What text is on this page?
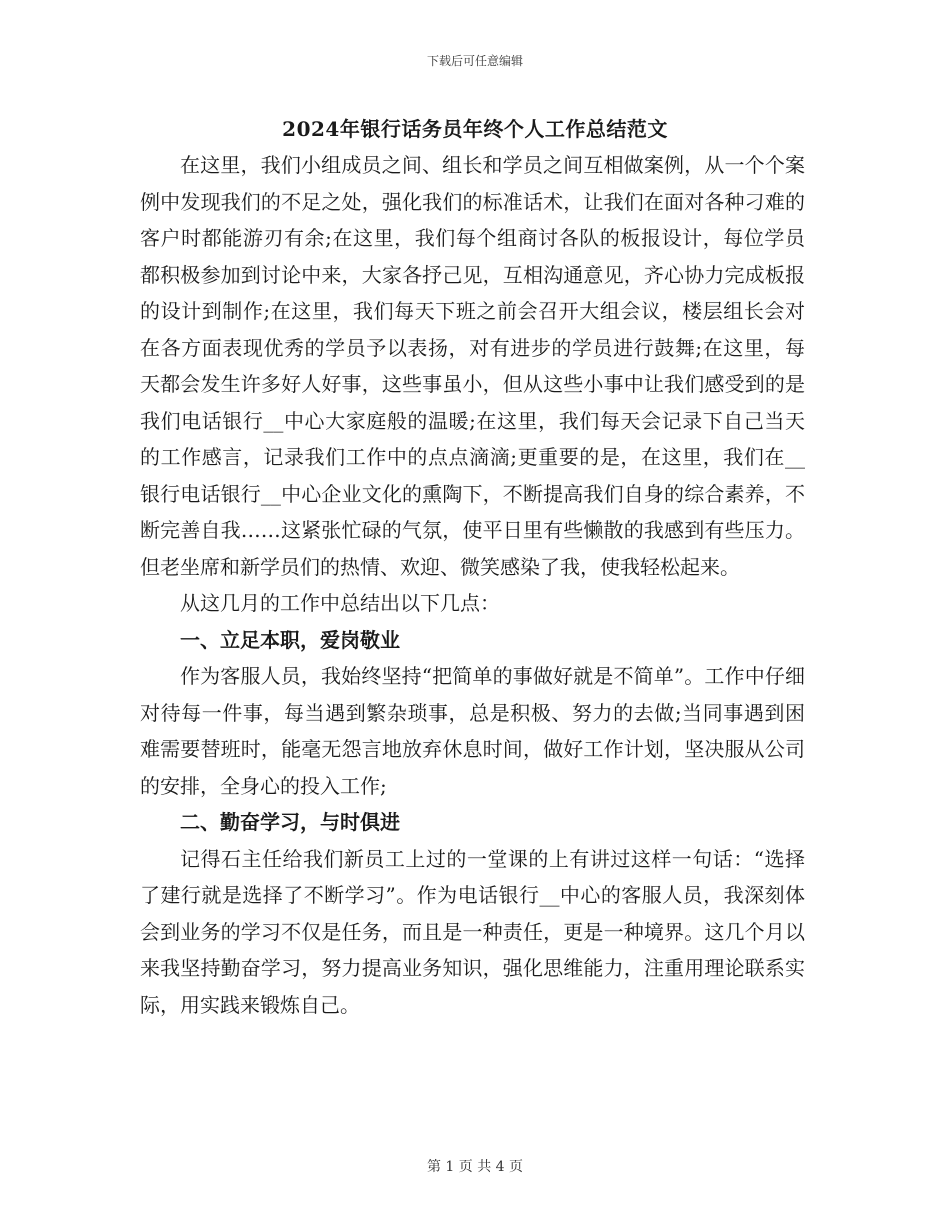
下载后可任意编辑
2024年银行话务员年终个人工作总结范文

在这里，我们小组成员之间、组长和学员之间互相做案例，从一个个案例中发现我们的不足之处，强化我们的标准话术，让我们在面对各种刁难的客户时都能游刃有余;在这里，我们每个组商讨各队的板报设计，每位学员都积极参加到讨论中来，大家各抒己见，互相沟通意见，齐心协力完成板报的设计到制作;在这里，我们每天下班之前会召开大组会议，楼层组长会对在各方面表现优秀的学员予以表扬，对有进步的学员进行鼓舞;在这里，每天都会发生许多好人好事，这些事虽小，但从这些小事中让我们感受到的是我们电话银行__中心大家庭般的温暖;在这里，我们每天会记录下自己当天的工作感言，记录我们工作中的点点滴滴;更重要的是，在这里，我们在__银行电话银行__中心企业文化的熏陶下，不断提高我们自身的综合素养，不断完善自我……这紧张忙碌的气氛，使平日里有些懒散的我感到有些压力。但老坐席和新学员们的热情、欢迎、微笑感染了我，使我轻松起来。

从这几月的工作中总结出以下几点：

一、立足本职，爱岗敬业

作为客服人员，我始终坚持“把简单的事做好就是不简单”。工作中仔细对待每一件事，每当遇到繁杂琐事，总是积极、努力的去做;当同事遇到困难需要替班时，能毫无怨言地放弃休息时间，做好工作计划，坚决服从公司的安排，全身心的投入工作;

二、勤奋学习，与时俱进

记得石主任给我们新员工上过的一堂课的上有讲过这样一句话：“选择了建行就是选择了不断学习”。作为电话银行__中心的客服人员，我深刻体会到业务的学习不仅是任务，而且是一种责任，更是一种境界。这几个月以来我坚持勤奋学习，努力提高业务知识，强化思维能力，注重用理论联系实际，用实践来锻炼自己。

第 1 页 共 4 页
